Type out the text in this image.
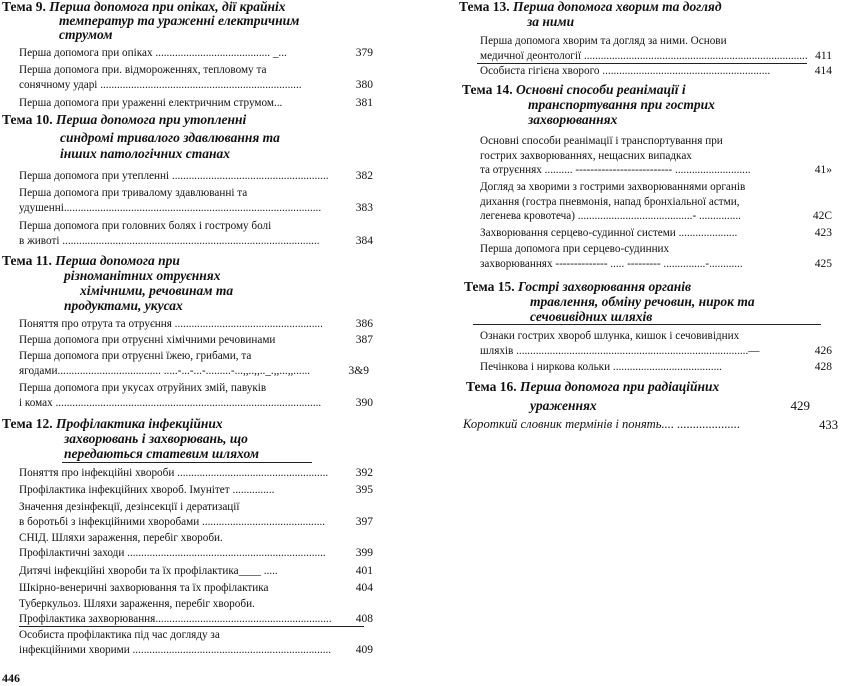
Тема 9. Перша допомога при опіках, дії крайніх
температур та ураженні електричним
струмом
Перша допомога при опіках ......................................... _...	379
Перша допомога при. відмороженнях, тепловому та
сонячному ударі ........................................................................	380
Перша допомога при ураженні електричним струмом...	381
Тема 10. Перша допомога при утопленні
синдромі тривалого здавлювання та
інших патологічних станах
Перша допомога при утепленні ........................................................	382
Перша допомога при тривалому здавлюванні та
удушенні............................................................................................	383
Перша допомога при головних болях і гострому болі
в животі ............................................................................................	384
Тема 11. Перша допомога при
різноманітних отруєннях
хімічними, речовинам та
продуктами, укусах
Поняття про отрута та отруєння .....................................................	386
Перша допомога при отруєнні хімічними речовинами	387
Перша допомога при отруєнні їжею, грибами, та
ягодами..................................... .....-...-...-.........-...,,..,,.._.,,...,,......	3&9
Перша допомога при укусах отруйних змій, павуків
і комах ...............................................................................................	390
Тема 12. Профілактика інфекційних
захворювань і захворювань, що
передаються статевим шляхом
Поняття про інфекційні хвороби ......................................................	392
Профілактика інфекційних хвороб. Імунітет ...............	395
Значення дезінфекції, дезінсекції і дератизації
в боротьбі з інфекційними хворобами ............................................	397
СНІД. Шляхи зараження, перебіг хвороби.
Профілактичні заходи .......................................................................	399
Дитячі інфекційні хвороби та їх профілактика____ .....	401
Шкірно-венеричні захворювання та їх профілактика	404
Туберкульоз. Шляхи зараження, перебіг хвороби.
Профілактика захворювання...............................................................	408
Особиста профілактика під час догляду за
інфекційними хворими .......................................................................	409
Тема 13. Перша допомога хворим та догляд
за ними
Перша допомога хворим та догляд за ними. Основи
медичної деонтології ................................................................................ 411
Особиста гігієна хворого ............................................................	414
Тема 14. Основні способи реанімації і
транспортування при гострих
захворюваннях
Основні способи реанімації і транспортування при
гострих захворюваннях, нещасних випадках
та отруєннях .......... -------------------------- ...........................	41»
Догляд за хворими з гострими захворюваннями органів
дихання (гостра пневмонія, напад бронхіальної астми,
легенева кровотеча) .........................................- ...............	42С
Захворювання серцево-судинної системи .....................	423
Перша допомога при серцево-судинних
захворюваннях -------------- ..... --------- ...............-............	425
Тема 15. Гострі захворювання органів
травлення, обміну речовин, нирок та
сечовивідних шляхів
Ознаки гострих хвороб шлунка, кишок і сечовивідних
шляхів ...................................................................................—	426
Печінкова і ниркова кольки .......................................	428
Тема 16. Перша допомога при радіаційних
ураженнях	429
Короткий словник термінів і понять.... ....................	433
446
